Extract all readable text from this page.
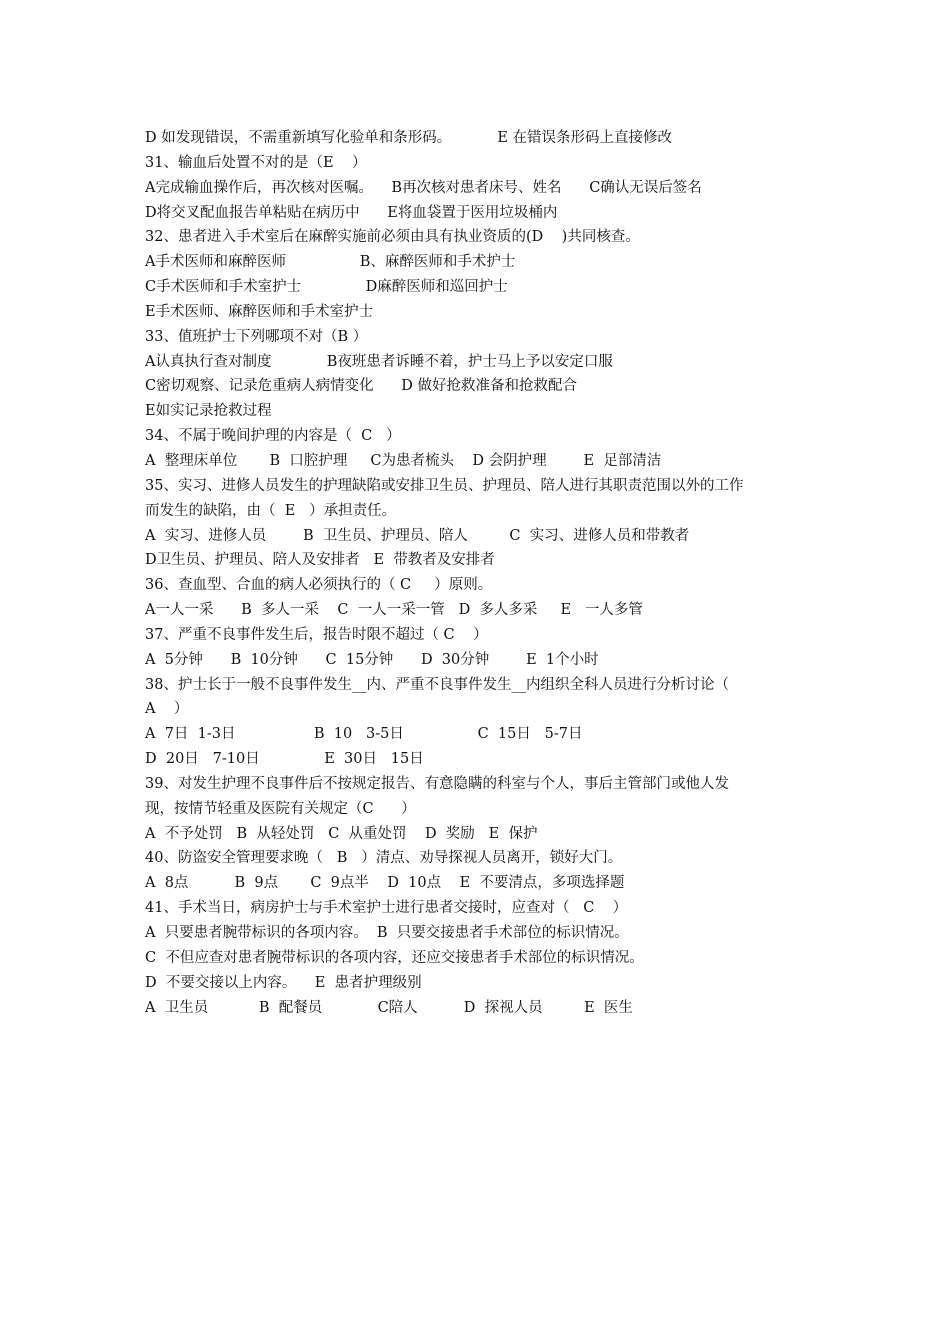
D 如发现错误，不需重新填写化验单和条形码。          E 在错误条形码上直接修改
31、输血后处置不对的是（E    ）
A完成输血操作后，再次核对医嘱。    B再次核对患者床号、姓名      C确认无误后签名
D将交叉配血报告单粘贴在病历中      E将血袋置于医用垃圾桶内
32、患者进入手术室后在麻醉实施前必须由具有执业资质的(D    )共同核查。
A手术医师和麻醉医师                B、麻醉医师和手术护士
C手术医师和手术室护士              D麻醉医师和巡回护士
E手术医师、麻醉医师和手术室护士
33、值班护士下列哪项不对（B ）
A认真执行查对制度            B夜班患者诉睡不着，护士马上予以安定口服
C密切观察、记录危重病人病情变化      D 做好抢救准备和抢救配合
E如实记录抢救过程
34、不属于晚间护理的内容是（  C   ）
A  整理床单位       B  口腔护理     C为患者梳头    D 会阴护理        E  足部清洁
35、实习、进修人员发生的护理缺陷或安排卫生员、护理员、陪人进行其职责范围以外的工作
而发生的缺陷，由（  E   ）承担责任。
A  实习、进修人员        B  卫生员、护理员、陪人         C  实习、进修人员和带教者
D卫生员、护理员、陪人及安排者   E  带教者及安排者
36、查血型、合血的病人必须执行的（ C     ）原则。
A一人一采      B  多人一采    C  一人一采一管   D  多人多采     E   一人多管
37、严重不良事件发生后，报告时限不超过（ C    ）
A  5分钟      B  10分钟      C  15分钟      D  30分钟        E  1个小时
38、护士长于一般不良事件发生__内、严重不良事件发生__内组织全科人员进行分析讨论（
A    ）
A  7日  1-3日                 B  10   3-5日                C  15日   5-7日
D  20日   7-10日              E  30日   15日
39、对发生护理不良事件后不按规定报告、有意隐瞒的科室与个人，事后主管部门或他人发
现，按情节轻重及医院有关规定（C      ）
A  不予处罚   B  从轻处罚   C  从重处罚    D  奖励   E  保护
40、防盗安全管理要求晚（   B   ）清点、劝导探视人员离开，锁好大门。
A  8点          B  9点       C  9点半    D  10点    E  不要清点，多项选择题
41、手术当日，病房护士与手术室护士进行患者交接时，应查对（   C    ）
A  只要患者腕带标识的各项内容。  B  只要交接患者手术部位的标识情况。
C  不但应查对患者腕带标识的各项内容，还应交接患者手术部位的标识情况。
D  不要交接以上内容。    E  患者护理级别
A  卫生员           B  配餐员            C陪人          D  探视人员         E  医生
